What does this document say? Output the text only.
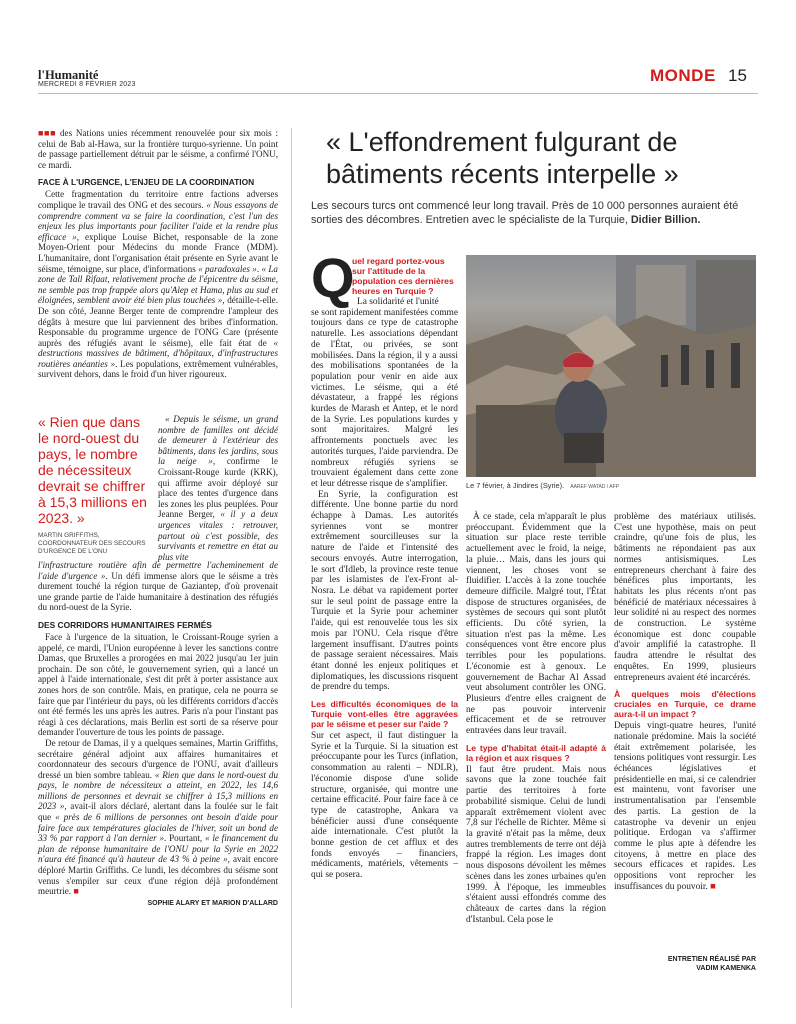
l'Humanité
MERCREDI 8 FÉVRIER 2023	MONDE 15

■■■ des Nations unies récemment renouvelée pour six mois : celui de Bab al-Hawa, sur la frontière turquo-syrienne. Un point de passage partiellement détruit par le séisme, a confirmé l'ONU, ce mardi.

FACE À L'URGENCE, L'ENJEU DE LA COORDINATION

Cette fragmentation du territoire entre factions adverses complique le travail des ONG et des secours. « Nous essayons de comprendre comment va se faire la coordination, c'est l'un des enjeux les plus importants pour faciliter l'aide et la rendre plus efficace », explique Louise Bichet, responsable de la zone Moyen-Orient pour Médecins du monde France (MDM). L'humanitaire, dont l'organisation était présente en Syrie avant le séisme, témoigne, sur place, d'informations « paradoxales ». « La zone de Tall Rifaat, relativement proche de l'épicentre du séisme, ne semble pas trop frappée alors qu'Alep et Hama, plus au sud et éloignées, semblent avoir été bien plus touchées », détaille-t-elle. De son côté, Jeanne Berger tente de comprendre l'ampleur des dégâts à mesure que lui parviennent des bribes d'information. Responsable du programme urgence de l'ONG Care (présente auprès des réfugiés avant le séisme), elle fait état de « destructions massives de bâtiment, d'hôpitaux, d'infrastructures routières anéanties ». Les populations, extrêmement vulnérables, survivent dehors, dans le froid d'un hiver rigoureux.

« Rien que dans le nord-ouest du pays, le nombre de nécessiteux devrait se chiffrer à 15,3 millions en 2023. »
MARTIN GRIFFITHS,
COORDONNATEUR DES SECOURS D'URGENCE DE L'ONU

« Depuis le séisme, un grand nombre de familles ont décidé de demeurer à l'extérieur des bâtiments, dans les jardins, sous la neige », confirme le Croissant-Rouge kurde (KRK), qui affirme avoir déployé sur place des tentes d'urgence dans les zones les plus peuplées. Pour Jeanne Berger, « il y a deux urgences vitales : retrouver, partout où c'est possible, des survivants et remettre en état au plus vite

l'infrastructure routière afin de permettre l'acheminement de l'aide d'urgence ». Un défi immense alors que le séisme a très durement touché la région turque de Gaziantep, d'où provenait une grande partie de l'aide humanitaire à destination des réfugiés du nord-ouest de la Syrie.

DES CORRIDORS HUMANITAIRES FERMÉS

Face à l'urgence de la situation, le Croissant-Rouge syrien a appelé, ce mardi, l'Union européenne à lever les sanctions contre Damas, que Bruxelles a prorogées en mai 2022 jusqu'au 1er juin prochain. De son côté, le gouvernement syrien, qui a lancé un appel à l'aide internationale, s'est dit prêt à porter assistance aux zones hors de son contrôle. Mais, en pratique, cela ne pourra se faire que par l'intérieur du pays, où les différents corridors d'accès ont été fermés les uns après les autres. Paris n'a pour l'instant pas réagi à ces déclarations, mais Berlin est sorti de sa réserve pour demander l'ouverture de tous les points de passage.

De retour de Damas, il y a quelques semaines, Martin Griffiths, secrétaire général adjoint aux affaires humanitaires et coordonnateur des secours d'urgence de l'ONU, avait d'ailleurs dressé un bien sombre tableau. « Rien que dans le nord-ouest du pays, le nombre de nécessiteux a atteint, en 2022, les 14,6 millions de personnes et devrait se chiffrer à 15,3 millions en 2023 », avait-il alors déclaré, alertant dans la foulée sur le fait que « près de 6 millions de personnes ont besoin d'aide pour faire face aux températures glaciales de l'hiver, soit un bond de 33 % par rapport à l'an dernier ». Pourtant, « le financement du plan de réponse humanitaire de l'ONU pour la Syrie en 2022 n'aura été financé qu'à hauteur de 43 % à peine », avait encore déploré Martin Griffiths. Ce lundi, les décombres du séisme sont venus s'empiler sur ceux d'une région déjà profondément meurtrie. ■

SOPHIE ALARY ET MARION D'ALLARD
« L'effondrement fulgurant de bâtiments récents interpelle »
Les secours turcs ont commencé leur long travail. Près de 10 000 personnes auraient été sorties des décombres. Entretien avec le spécialiste de la Turquie, Didier Billion.
Le 7 février, à Jindires (Syrie). AAREF WATAD / AFP
Q
uel regard portez-vous sur l'attitude de la population ces dernières heures en Turquie ?

La solidarité et l'unité

se sont rapidement manifestées comme toujours dans ce type de catastrophe naturelle. Les associations dépendant de l'État, ou privées, se sont mobilisées. Dans la région, il y a aussi des mobilisations spontanées de la population pour venir en aide aux victimes. Le séisme, qui a été dévastateur, a frappé les régions kurdes de Marash et Antep, et le nord de la Syrie. Les populations kurdes y sont majoritaires. Malgré les affrontements ponctuels avec les autorités turques, l'aide parviendra. De nombreux réfugiés syriens se trouvaient également dans cette zone et leur détresse risque de s'amplifier.

En Syrie, la configuration est différente. Une bonne partie du nord échappe à Damas. Les autorités syriennes vont se montrer extrêmement sourcilleuses sur la nature de l'aide et l'intensité des secours envoyés. Autre interrogation, le sort d'Idleb, la province reste tenue par les islamistes de l'ex-Front al-Nosra. Le débat va rapidement porter sur le seul point de passage entre la Turquie et la Syrie pour acheminer l'aide, qui est renouvelée tous les six mois par l'ONU. Cela risque d'être largement insuffisant. D'autres points de passage seraient nécessaires. Mais étant donné les enjeux politiques et diplomatiques, les discussions risquent de prendre du temps.

Les difficultés économiques de la Turquie vont-elles être aggravées par le séisme et peser sur l'aide ?

Sur cet aspect, il faut distinguer la Syrie et la Turquie. Si la situation est préoccupante pour les Turcs (inflation, consommation au ralenti – NDLR), l'économie dispose d'une solide structure, organisée, qui montre une certaine efficacité. Pour faire face à ce type de catastrophe, Ankara va bénéficier aussi d'une conséquente aide internationale. C'est plutôt la bonne gestion de cet afflux et des fonds envoyés – financiers, médicaments, matériels, vêtements – qui se posera.

À ce stade, cela m'apparaît le plus préoccupant. Évidemment que la situation sur place reste terrible actuellement avec le froid, la neige, la pluie… Mais, dans les jours qui viennent, les choses vont se fluidifier. L'accès à la zone touchée demeure difficile. Malgré tout, l'État dispose de structures organisées, de systèmes de secours qui sont plutôt efficients. Du côté syrien, la situation n'est pas la même. Les conséquences vont être encore plus terribles pour les populations. L'économie est à genoux. Le gouvernement de Bachar Al Assad veut absolument contrôler les ONG. Plusieurs d'entre elles craignent de ne pas pouvoir intervenir efficacement et de se retrouver entravées dans leur travail.

Le type d'habitat était-il adapté à la région et aux risques ?

Il faut être prudent. Mais nous savons que la zone touchée fait partie des territoires à forte probabilité sismique. Celui de lundi apparaît extrêmement violent avec 7,8 sur l'échelle de Richter. Même si la gravité n'était pas la même, deux autres tremblements de terre ont déjà frappé la région. Les images dont nous disposons dévoilent les mêmes scènes dans les zones urbaines qu'en 1999. À l'époque, les immeubles s'étaient aussi effondrés comme des châteaux de cartes dans la région d'Istanbul. Cela pose le

problème des matériaux utilisés. C'est une hypothèse, mais on peut craindre, qu'une fois de plus, les bâtiments ne répondaient pas aux normes antisismiques. Les entrepreneurs cherchant à faire des bénéfices plus importants, les habitats les plus récents n'ont pas bénéficié de matériaux nécessaires à leur solidité ni au respect des normes de construction. Le système économique est donc coupable d'avoir amplifié la catastrophe. Il faudra attendre le résultat des enquêtes. En 1999, plusieurs entrepreneurs avaient été incarcérés.

À quelques mois d'élections cruciales en Turquie, ce drame aura-t-il un impact ?

Depuis vingt-quatre heures, l'unité nationale prédomine. Mais la société était extrêmement polarisée, les tensions politiques vont ressurgir. Les échéances législatives et présidentielle en mai, si ce calendrier est maintenu, vont favoriser une instrumentalisation par l'ensemble des partis. La gestion de la catastrophe va devenir un enjeu politique. Erdogan va s'affirmer comme le plus apte à défendre les citoyens, à mettre en place des secours efficaces et rapides. Les oppositions vont reprocher les insuffisances du pouvoir. ■

ENTRETIEN RÉALISÉ PAR VADIM KAMENKA
